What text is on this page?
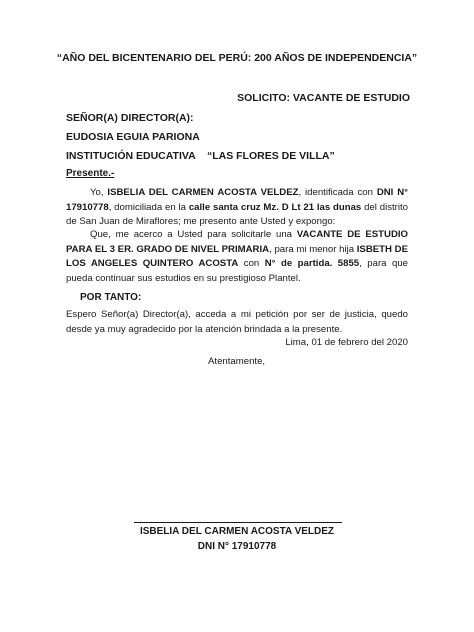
“AÑO DEL BICENTENARIO DEL PERÚ: 200 AÑOS DE INDEPENDENCIA”
SOLICITO: VACANTE DE ESTUDIO
SEÑOR(A) DIRECTOR(A):
EUDOSIA EGUIA PARIONA
INSTITUCIÓN EDUCATIVA    “LAS FLORES DE VILLA”
Presente.-
Yo, ISBELIA DEL CARMEN ACOSTA VELDEZ, identificada con DNI N° 17910778, domiciliada en la calle santa cruz Mz. D Lt 21 las dunas del distrito de San Juan de Miraflores; me presento ante Usted y expongo:
Que, me acerco a Usted para solicitarle una VACANTE DE ESTUDIO PARA EL 3 ER. GRADO DE NIVEL PRIMARIA, para mi menor hija ISBETH DE LOS ANGELES QUINTERO ACOSTA con N° de partida. 5855, para que pueda continuar sus estudios en su prestigioso Plantel.
POR TANTO:
Espero Señor(a) Director(a), acceda a mi petición por ser de justicia, quedo desde ya muy agradecido por la atención brindada a la presente.
Lima, 01 de febrero del 2020
Atentamente,
ISBELIA DEL CARMEN ACOSTA VELDEZ
DNI N° 17910778
